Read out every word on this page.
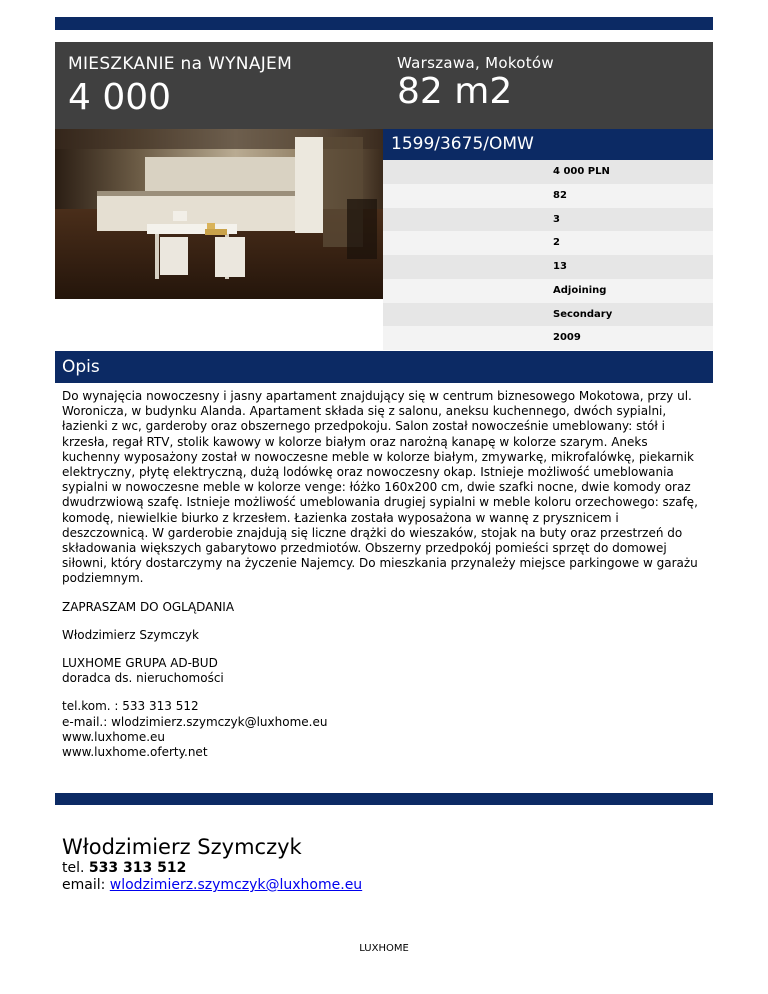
MIESZKANIE na WYNAJEM
4 000
Warszawa, Mokotów
82 m2
1599/3675/OMW
4 000 PLN
82
3
2
13
Adjoining
Secondary
2009
Opis

Do wynajęcia nowoczesny i jasny apartament znajdujący się w centrum biznesowego Mokotowa, przy ul. Woronicza, w budynku Alanda. Apartament składa się z salonu, aneksu kuchennego, dwóch sypialni, łazienki z wc, garderoby oraz obszernego przedpokoju. Salon został nowocześnie umeblowany: stół i krzesła, regał RTV, stolik kawowy w kolorze białym oraz narożną kanapę w kolorze szarym. Aneks kuchenny wyposażony został w nowoczesne meble w kolorze białym, zmywarkę, mikrofalówkę, piekarnik elektryczny, płytę elektryczną, dużą lodówkę oraz nowoczesny okap. Istnieje możliwość umeblowania sypialni w nowoczesne meble w kolorze venge: łóżko 160x200 cm, dwie szafki nocne, dwie komody oraz dwudrzwiową szafę. Istnieje możliwość umeblowania drugiej sypialni w meble koloru orzechowego: szafę, komodę, niewielkie biurko z krzesłem. Łazienka została wyposażona w wannę z prysznicem i deszczownicą. W garderobie znajdują się liczne drążki do wieszaków, stojak na buty oraz przestrzeń do składowania większych gabarytowo przedmiotów. Obszerny przedpokój pomieści sprzęt do domowej siłowni, który dostarczymy na życzenie Najemcy. Do mieszkania przynależy miejsce parkingowe w garażu podziemnym.

ZAPRASZAM DO OGLĄDANIA

Włodzimierz Szymczyk

LUXHOME GRUPA AD-BUD
doradca ds. nieruchomości

tel.kom. : 533 313 512
e-mail.: wlodzimierz.szymczyk@luxhome.eu
www.luxhome.eu
www.luxhome.oferty.net

Włodzimierz Szymczyk
tel. 533 313 512
email: wlodzimierz.szymczyk@luxhome.eu
LUXHOME
